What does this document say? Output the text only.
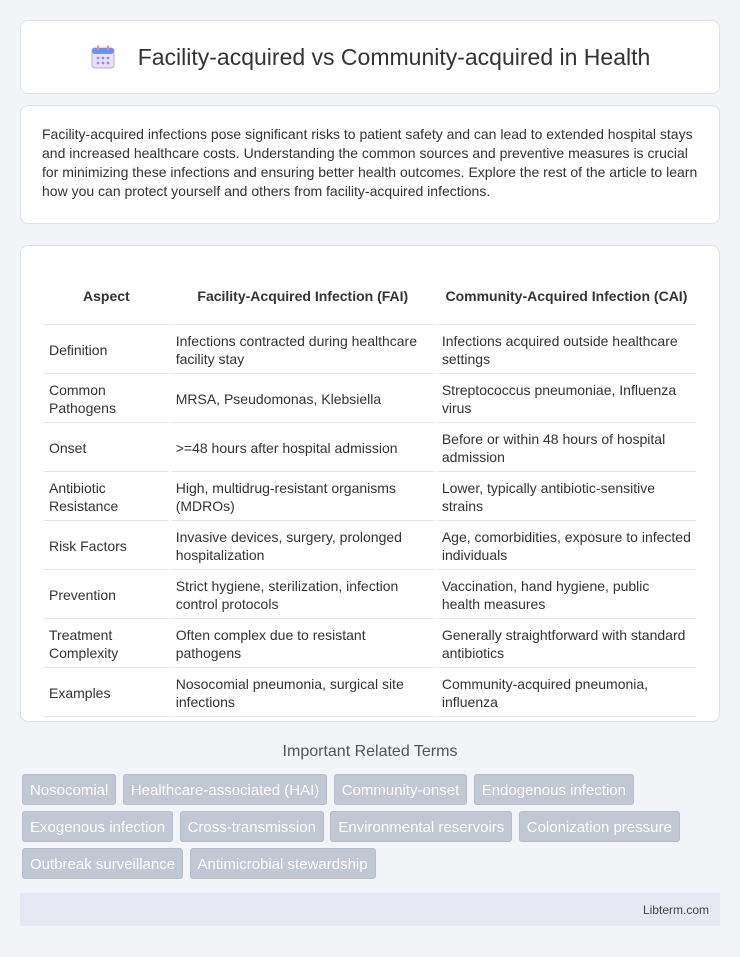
Facility-acquired vs Community-acquired in Health

Facility-acquired infections pose significant risks to patient safety and can lead to extended hospital stays and increased healthcare costs. Understanding the common sources and preventive measures is crucial for minimizing these infections and ensuring better health outcomes. Explore the rest of the article to learn how you can protect yourself and others from facility-acquired infections.

Aspect	Facility-Acquired Infection (FAI)	Community-Acquired Infection (CAI)
Definition	Infections contracted during healthcare facility stay	Infections acquired outside healthcare settings
Common Pathogens	MRSA, Pseudomonas, Klebsiella	Streptococcus pneumoniae, Influenza virus
Onset	>=48 hours after hospital admission	Before or within 48 hours of hospital admission
Antibiotic Resistance	High, multidrug-resistant organisms (MDROs)	Lower, typically antibiotic-sensitive strains
Risk Factors	Invasive devices, surgery, prolonged hospitalization	Age, comorbidities, exposure to infected individuals
Prevention	Strict hygiene, sterilization, infection control protocols	Vaccination, hand hygiene, public health measures
Treatment Complexity	Often complex due to resistant pathogens	Generally straightforward with standard antibiotics
Examples	Nosocomial pneumonia, surgical site infections	Community-acquired pneumonia, influenza
Important Related Terms
Nosocomial Healthcare-associated (HAI) Community-onset Endogenous infection Exogenous infection Cross-transmission Environmental reservoirs Colonization pressure Outbreak surveillance Antimicrobial stewardship
Libterm.com
